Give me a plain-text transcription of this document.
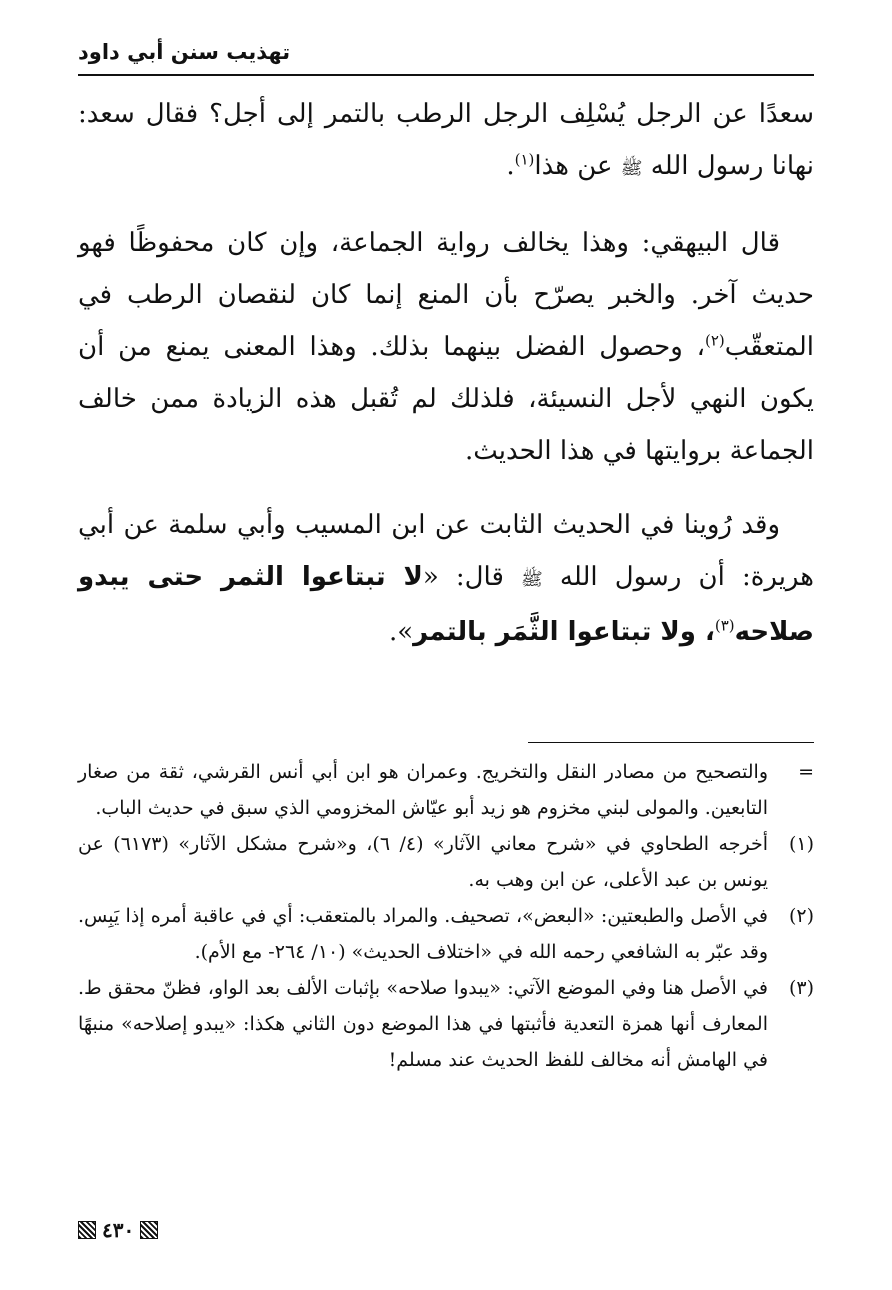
تهذيب سنن أبي داود

سعدًا عن الرجل يُسْلِف الرجل الرطب بالتمر إلى أجل؟ فقال سعد: نهانا رسول الله ﷺ عن هذا$^{(١)}$.

قال البيهقي: وهذا يخالف رواية الجماعة، وإن كان محفوظًا فهو حديث آخر. والخبر يصرّح بأن المنع إنما كان لنقصان الرطب في المتعقّب$^{(٢)}$، وحصول الفضل بينهما بذلك. وهذا المعنى يمنع من أن يكون النهي لأجل النسيئة، فلذلك لم تُقبل هذه الزيادة ممن خالف الجماعة بروايتها في هذا الحديث.

وقد رُوينا في الحديث الثابت عن ابن المسيب وأبي سلمة عن أبي هريرة: أن رسول الله ﷺ قال: «لا تبتاعوا الثمر حتى يبدو صلاحه$^{(٣)}$، ولا تبتاعوا الثَّمَر بالتمر».

=
والتصحيح من مصادر النقل والتخريج. وعمران هو ابن أبي أنس القرشي، ثقة من صغار التابعين. والمولى لبني مخزوم هو زيد أبو عيّاش المخزومي الذي سبق في حديث الباب.
(١)
أخرجه الطحاوي في «شرح معاني الآثار» (٤/ ٦)، و«شرح مشكل الآثار» (٦١٧٣) عن يونس بن عبد الأعلى، عن ابن وهب به.
(٢)
في الأصل والطبعتين: «البعض»، تصحيف. والمراد بالمتعقب: أي في عاقبة أمره إذا يَبِس. وقد عبّر به الشافعي رحمه الله في «اختلاف الحديث» (١٠/ ٢٦٤- مع الأم).
(٣)
في الأصل هنا وفي الموضع الآتي: «يبدوا صلاحه» بإثبات الألف بعد الواو، فظنّ محقق ط. المعارف أنها همزة التعدية فأثبتها في هذا الموضع دون الثاني هكذا: «يبدو إصلاحه» منبهًا في الهامش أنه مخالف للفظ الحديث عند مسلم!
٤٣٠
